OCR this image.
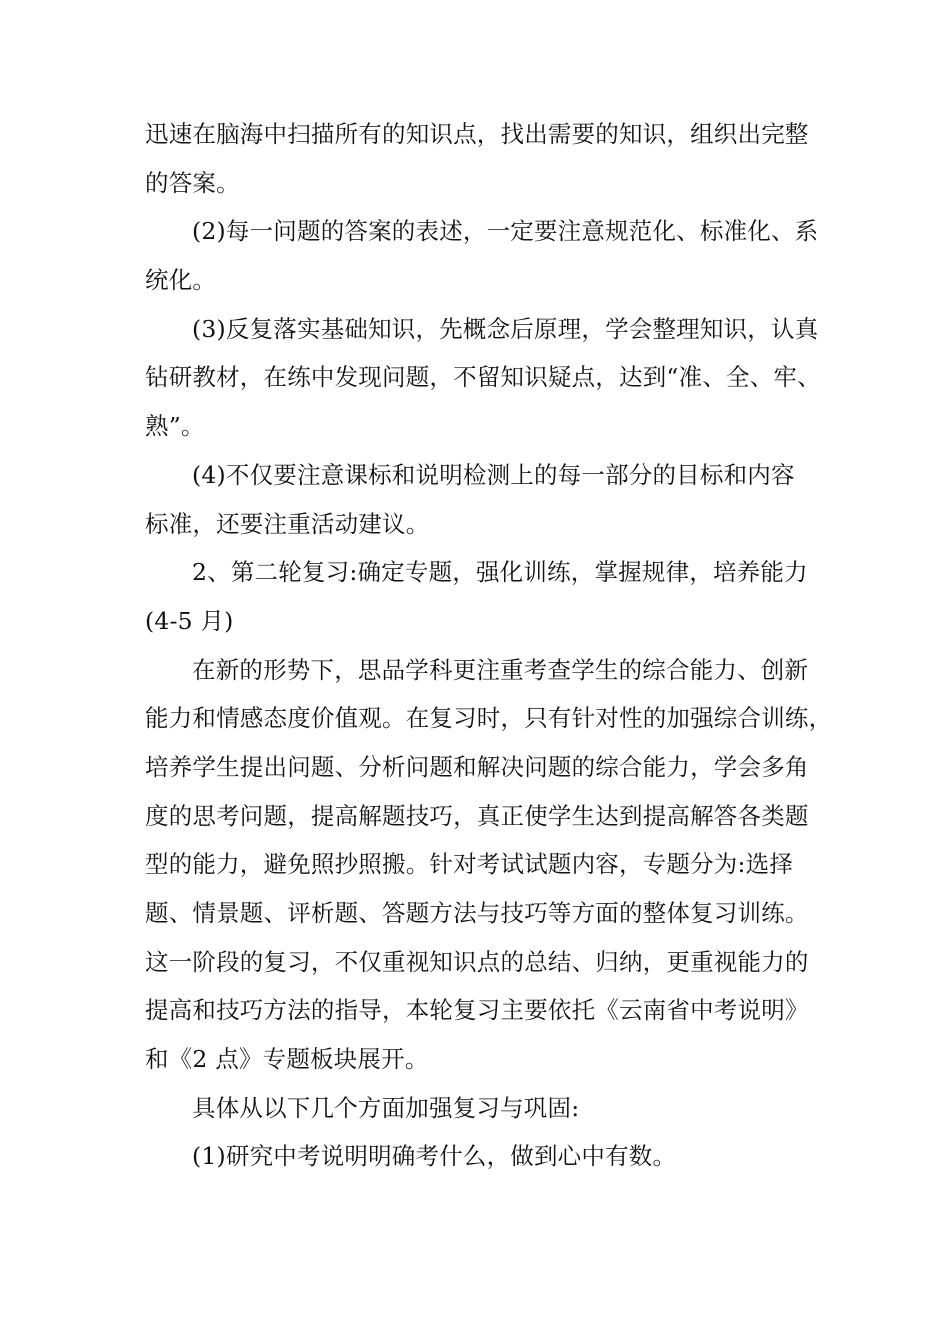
迅速在脑海中扫描所有的知识点，找出需要的知识，组织出完整
的答案。
(2)每一问题的答案的表述，一定要注意规范化、标准化、系
统化。
(3)反复落实基础知识，先概念后原理，学会整理知识，认真
钻研教材，在练中发现问题，不留知识疑点，达到“准、全、牢、
熟”。
(4)不仅要注意课标和说明检测上的每一部分的目标和内容
标准，还要注重活动建议。
2、第二轮复习:确定专题，强化训练，掌握规律，培养能力
(4-5 月)
在新的形势下，思品学科更注重考查学生的综合能力、创新
能力和情感态度价值观。在复习时，只有针对性的加强综合训练，
培养学生提出问题、分析问题和解决问题的综合能力，学会多角
度的思考问题，提高解题技巧，真正使学生达到提高解答各类题
型的能力，避免照抄照搬。针对考试试题内容，专题分为:选择
题、情景题、评析题、答题方法与技巧等方面的整体复习训练。
这一阶段的复习，不仅重视知识点的总结、归纳，更重视能力的
提高和技巧方法的指导，本轮复习主要依托《云南省中考说明》
和《2 点》专题板块展开。
具体从以下几个方面加强复习与巩固:
(1)研究中考说明明确考什么，做到心中有数。
